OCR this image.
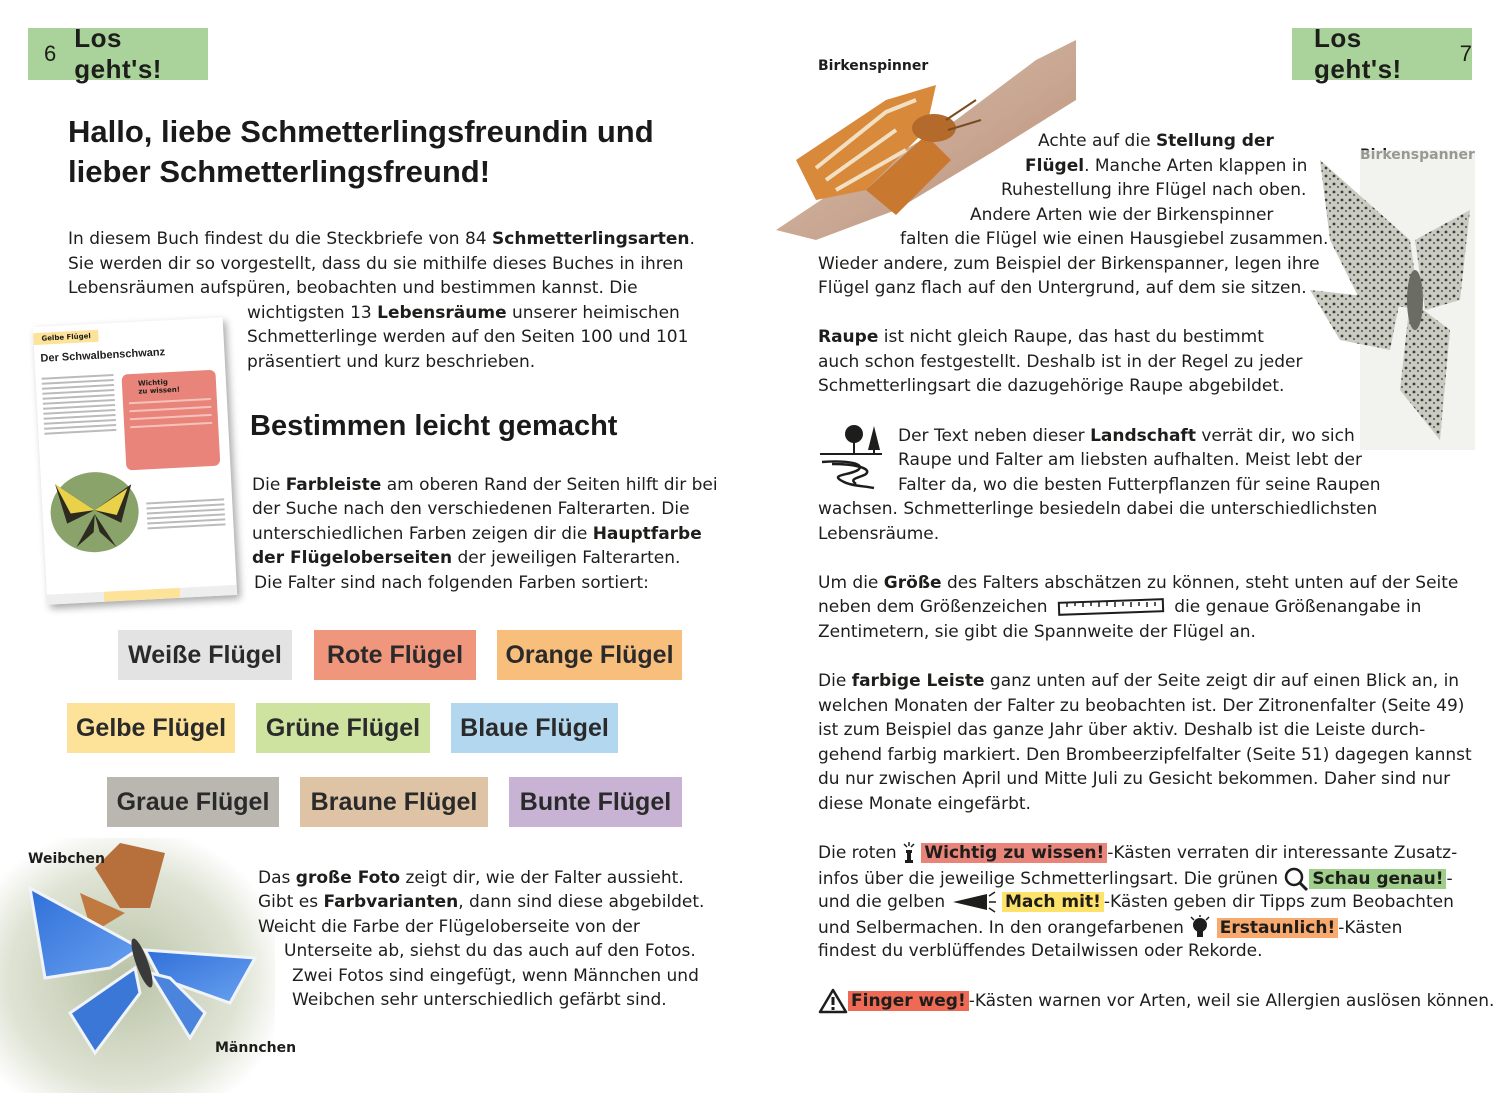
6
Los geht's!
Hallo, liebe Schmetterlingsfreundin und
lieber Schmetterlingsfreund!
In diesem Buch findest du die Steckbriefe von 84 Schmetterlingsarten.
Sie werden dir so vorgestellt, dass du sie mithilfe dieses Buches in ihren
Lebensräumen aufspüren, beobachten und bestimmen kannst. Die
wichtigsten 13 Lebensräume unserer heimischen
Schmetterlinge werden auf den Seiten 100 und 101
präsentiert und kurz beschrieben.
Gelbe Flügel
Der Schwalbenschwanz
Wichtig
zu wissen!
Bestimmen leicht gemacht
Die Farbleiste am oberen Rand der Seiten hilft dir bei
der Suche nach den verschiedenen Falterarten. Die
unterschiedlichen Farben zeigen dir die Hauptfarbe
der Flügeloberseiten der jeweiligen Falterarten.
Die Falter sind nach folgenden Farben sortiert:
Weiße Flügel	Rote Flügel	Orange Flügel
Gelbe Flügel	Grüne Flügel	Blaue Flügel
Graue Flügel	Braune Flügel	Bunte Flügel
Weibchen
Männchen
Das große Foto zeigt dir, wie der Falter aussieht.
Gibt es Farbvarianten, dann sind diese abgebildet.
Weicht die Farbe der Flügeloberseite von der
Unterseite ab, siehst du das auch auf den Fotos.
Zwei Fotos sind eingefügt, wenn Männchen und
Weibchen sehr unterschiedlich gefärbt sind.
Los geht's!
7
Birkenspinner
Achte auf die Stellung der
Flügel. Manche Arten klappen in
Ruhestellung ihre Flügel nach oben.
Andere Arten wie der Birkenspinner
falten die Flügel wie einen Hausgiebel zusammen.
Wieder andere, zum Beispiel der Birkenspanner, legen ihre
Flügel ganz flach auf den Untergrund, auf dem sie sitzen.
Raupe ist nicht gleich Raupe, das hast du bestimmt
auch schon festgestellt. Deshalb ist in der Regel zu jeder
Schmetterlingsart die dazugehörige Raupe abgebildet.
Der Text neben dieser Landschaft verrät dir, wo sich
Raupe und Falter am liebsten aufhalten. Meist lebt der
Falter da, wo die besten Futterpflanzen für seine Raupen
wachsen. Schmetterlinge besiedeln dabei die unterschiedlichsten
Lebensräume.
Um die Größe des Falters abschätzen zu können, steht unten auf der Seite
neben dem Größenzeichen	die genaue Größenangabe in
Zentimetern, sie gibt die Spannweite der Flügel an.
Die farbige Leiste ganz unten auf der Seite zeigt dir auf einen Blick an, in
welchen Monaten der Falter zu beobachten ist. Der Zitronenfalter (Seite 49)
ist zum Beispiel das ganze Jahr über aktiv. Deshalb ist die Leiste durch-
gehend farbig markiert. Den Brombeerzipfelfalter (Seite 51) dagegen kannst
du nur zwischen April und Mitte Juli zu Gesicht bekommen. Daher sind nur
diese Monate eingefärbt.
Die roten Wichtig zu wissen! -Kästen verraten dir interessante Zusatz-
infos über die jeweilige Schmetterlingsart. Die grünen Schau genau! -
und die gelben	Mach mit! -Kästen geben dir Tipps zum Beobachten
und Selbermachen. In den orangefarbenen Erstaunlich! -Kästen
findest du verblüffendes Detailwissen oder Rekorde.
Finger weg! -Kästen warnen vor Arten, weil sie Allergien auslösen können.
